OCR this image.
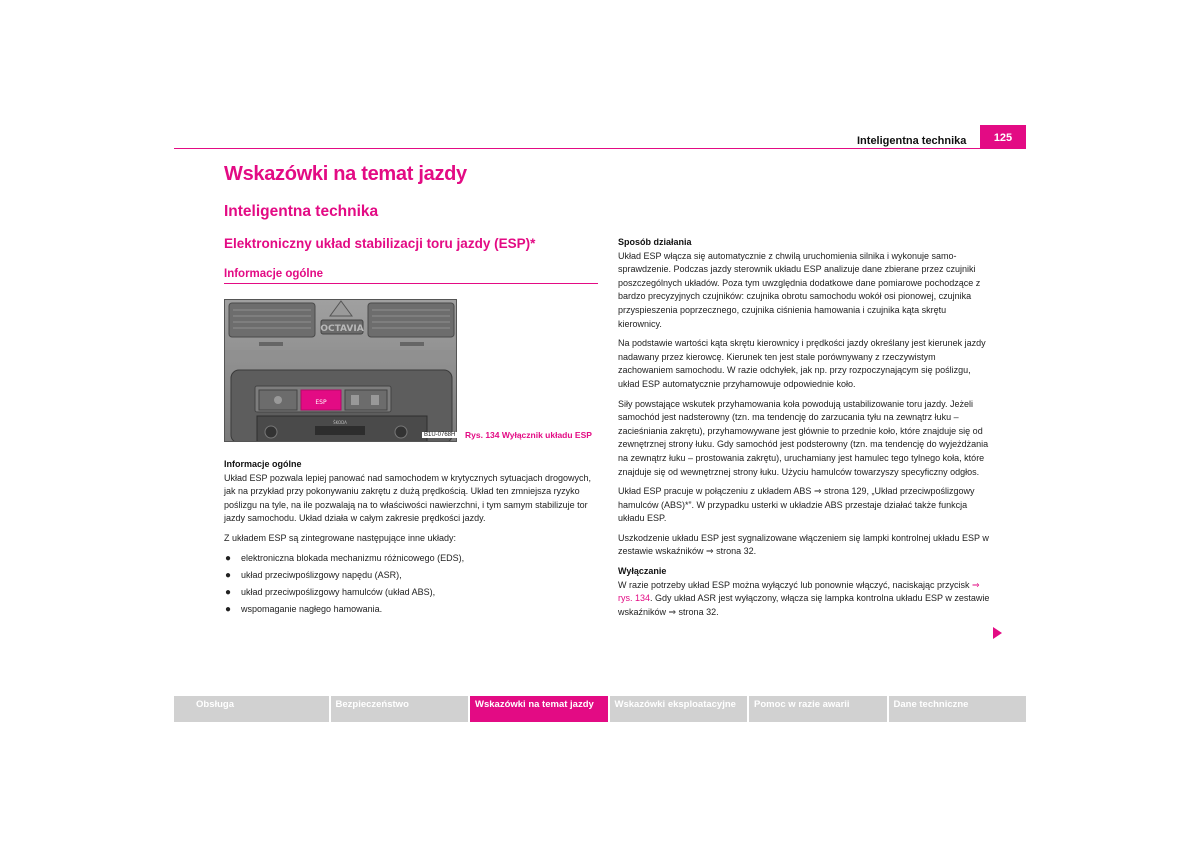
Inteligentna technika	125
Wskazówki na temat jazdy
Inteligentna technika
Elektroniczny układ stabilizacji toru jazdy (ESP)*
Informacje ogólne
OCTAVIA
ESP
ŠKODA
B1U-0768H Rys. 134 Wyłącznik układu ESP

Informacje ogólne

Układ ESP pozwala lepiej panować nad samochodem w krytycznych sytuacjach drogowych, jak na przykład przy pokonywaniu zakrętu z dużą prędkością. Układ ten zmniejsza ryzyko poślizgu na tyle, na ile pozwalają na to właściwości nawierzchni, i tym samym stabilizuje tor jazdy samochodu. Układ działa w całym zakresie prędkości jazdy.

Z układem ESP są zintegrowane następujące inne układy:

● elektroniczna blokada mechanizmu różnicowego (EDS),
● układ przeciwpoślizgowy napędu (ASR),
● układ przeciwpoślizgowy hamulców (układ ABS),
● wspomaganie nagłego hamowania.

Sposób działania

Układ ESP włącza się automatycznie z chwilą uruchomienia silnika i wykonuje samo-sprawdzenie. Podczas jazdy sterownik układu ESP analizuje dane zbierane przez czujniki poszczególnych układów. Poza tym uwzględnia dodatkowe dane pomiarowe pochodzące z bardzo precyzyjnych czujników: czujnika obrotu samochodu wokół osi pionowej, czujnika przyspieszenia poprzecznego, czujnika ciśnienia hamowania i czujnika kąta skrętu kierownicy.

Na podstawie wartości kąta skrętu kierownicy i prędkości jazdy określany jest kierunek jazdy nadawany przez kierowcę. Kierunek ten jest stale porównywany z rzeczywistym zachowaniem samochodu. W razie odchyłek, jak np. przy rozpoczynającym się poślizgu, układ ESP automatycznie przyhamowuje odpowiednie koło.

Siły powstające wskutek przyhamowania koła powodują ustabilizowanie toru jazdy. Jeżeli samochód jest nadsterowny (tzn. ma tendencję do zarzucania tyłu na zewnątrz łuku – zacieśniania zakrętu), przyhamowywane jest głównie to przednie koło, które znajduje się od zewnętrznej strony łuku. Gdy samochód jest podsterowny (tzn. ma tendencję do wyjeżdżania na zewnątrz łuku – prostowania zakrętu), uruchamiany jest hamulec tego tylnego koła, które znajduje się od wewnętrznej strony łuku. Użyciu hamulców towarzyszy specyficzny odgłos.

Układ ESP pracuje w połączeniu z układem ABS ⇒ strona 129, „Układ przeciwpoślizgowy hamulców (ABS)*”. W przypadku usterki w układzie ABS przestaje działać także funkcja układu ESP.

Uszkodzenie układu ESP jest sygnalizowane włączeniem się lampki kontrolnej układu ESP w zestawie wskaźników ⇒ strona 32.

Wyłączanie

W razie potrzeby układ ESP można wyłączyć lub ponownie włączyć, naciskając przycisk ⇒ rys. 134. Gdy układ ASR jest wyłączony, włącza się lampka kontrolna układu ESP w zestawie wskaźników ⇒ strona 32.

Obsługa	Bezpieczeństwo	Wskazówki na temat jazdy	Wskazówki eksploatacyjne	Pomoc w razie awarii	Dane techniczne
